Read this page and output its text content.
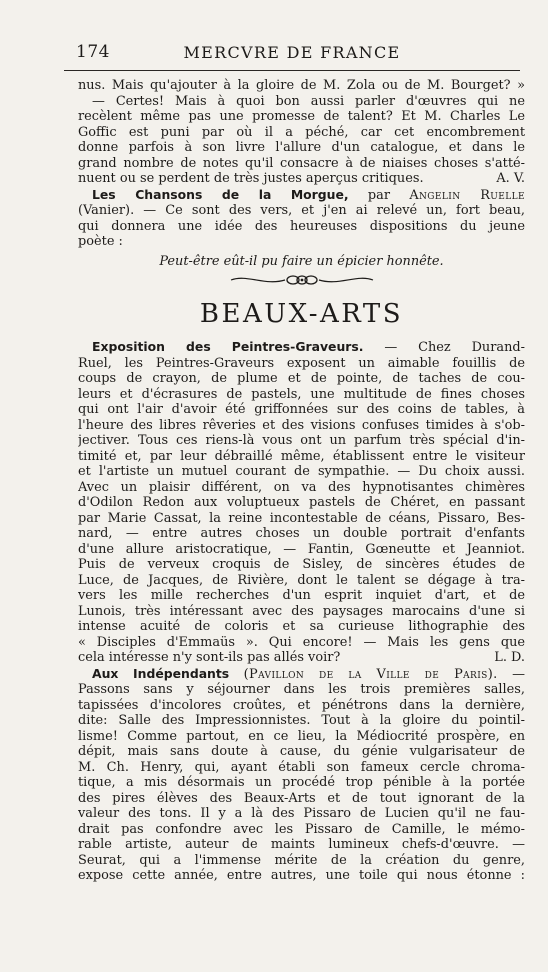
174	MERCVRE DE FRANCE
nus. Mais qu'ajouter à la gloire de M. Zola ou de M. Bourget? »
— Certes! Mais à quoi bon aussi parler d'œuvres qui ne
recèlent même pas une promesse de talent? Et M. Charles Le
Goffic est puni par où il a péché, car cet encombrement
donne parfois à son livre l'allure d'un catalogue, et dans le
grand nombre de notes qu'il consacre à de niaises choses s'atté-
nuent ou se perdent de très justes aperçus critiques.	A. V.
Les Chansons de la Morgue, par Angelin Ruelle
(Vanier). — Ce sont des vers, et j'en ai relevé un, fort beau,
qui donnera une idée des heureuses dispositions du jeune
poète :
Peut-être eût-il pu faire un épicier honnête.
BEAUX-ARTS
Exposition des Peintres-Graveurs. — Chez Durand-
Ruel, les Peintres-Graveurs exposent un aimable fouillis de
coups de crayon, de plume et de pointe, de taches de cou-
leurs et d'écrasures de pastels, une multitude de fines choses
qui ont l'air d'avoir été griffonnées sur des coins de tables, à
l'heure des libres rêveries et des visions confuses timides à s'ob-
jectiver. Tous ces riens-là vous ont un parfum très spécial d'in-
timité et, par leur débraillé même, établissent entre le visiteur
et l'artiste un mutuel courant de sympathie. — Du choix aussi.
Avec un plaisir différent, on va des hypnotisantes chimères
d'Odilon Redon aux voluptueux pastels de Chéret, en passant
par Marie Cassat, la reine incontestable de céans, Pissaro, Bes-
nard, — entre autres choses un double portrait d'enfants
d'une allure aristocratique, — Fantin, Gœneutte et Jeanniot.
Puis de verveux croquis de Sisley, de sincères études de
Luce, de Jacques, de Rivière, dont le talent se dégage à tra-
vers les mille recherches d'un esprit inquiet d'art, et de
Lunois, très intéressant avec des paysages marocains d'une si
intense acuité de coloris et sa curieuse lithographie des
« Disciples d'Emmaüs ». Qui encore! — Mais les gens que
cela intéresse n'y sont-ils pas allés voir?	L. D.
Aux Indépendants (Pavillon de la Ville de Paris). —
Passons sans y séjourner dans les trois premières salles,
tapissées d'incolores croûtes, et pénétrons dans la dernière,
dite: Salle des Impressionnistes. Tout à la gloire du pointil-
lisme! Comme partout, en ce lieu, la Médiocrité prospère, en
dépit, mais sans doute à cause, du génie vulgarisateur de
M. Ch. Henry, qui, ayant établi son fameux cercle chroma-
tique, a mis désormais un procédé trop pénible à la portée
des pires élèves des Beaux-Arts et de tout ignorant de la
valeur des tons. Il y a là des Pissaro de Lucien qu'il ne fau-
drait pas confondre avec les Pissaro de Camille, le mémo-
rable artiste, auteur de maints lumineux chefs-d'œuvre. —
Seurat, qui a l'immense mérite de la création du genre,
expose cette année, entre autres, une toile qui nous étonne :
